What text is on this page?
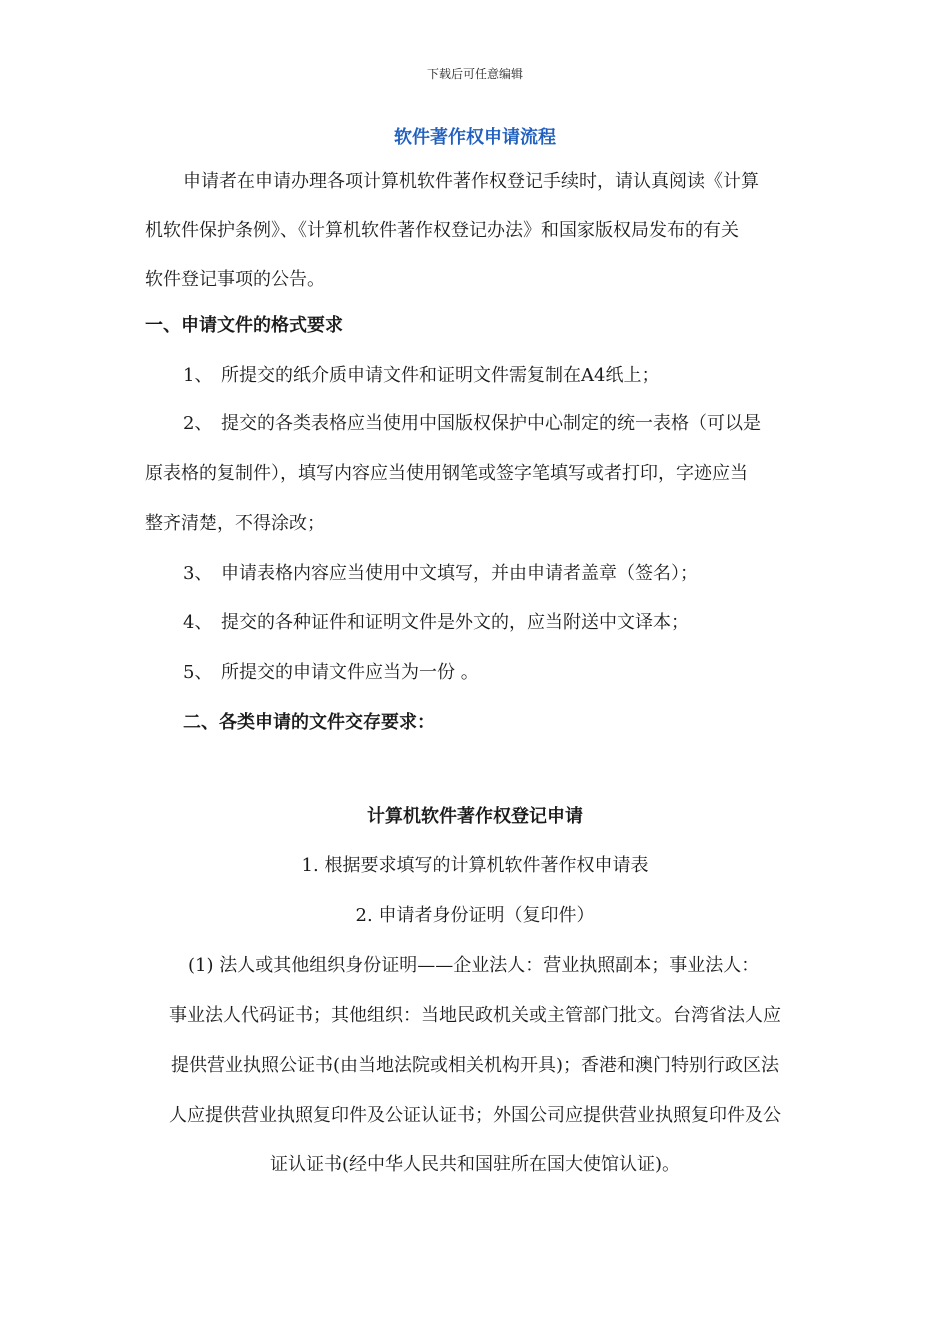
下载后可任意编辑
软件著作权申请流程
申请者在申请办理各项计算机软件著作权登记手续时，请认真阅读《计算
机软件保护条例》、《计算机软件著作权登记办法》和国家版权局发布的有关
软件登记事项的公告。
一、申请文件的格式要求
1、 所提交的纸介质申请文件和证明文件需复制在A4纸上；
2、 提交的各类表格应当使用中国版权保护中心制定的统一表格（可以是
原表格的复制件），填写内容应当使用钢笔或签字笔填写或者打印，字迹应当
整齐清楚，不得涂改；
3、 申请表格内容应当使用中文填写，并由申请者盖章（签名）；
4、 提交的各种证件和证明文件是外文的，应当附送中文译本；
5、 所提交的申请文件应当为一份 。
二、各类申请的文件交存要求：
计算机软件著作权登记申请
1. 根据要求填写的计算机软件著作权申请表
2. 申请者身份证明（复印件）
(1) 法人或其他组织身份证明——企业法人：营业执照副本；事业法人：
事业法人代码证书；其他组织：当地民政机关或主管部门批文。台湾省法人应
提供营业执照公证书(由当地法院或相关机构开具)；香港和澳门特别行政区法
人应提供营业执照复印件及公证认证书；外国公司应提供营业执照复印件及公
证认证书(经中华人民共和国驻所在国大使馆认证)。
